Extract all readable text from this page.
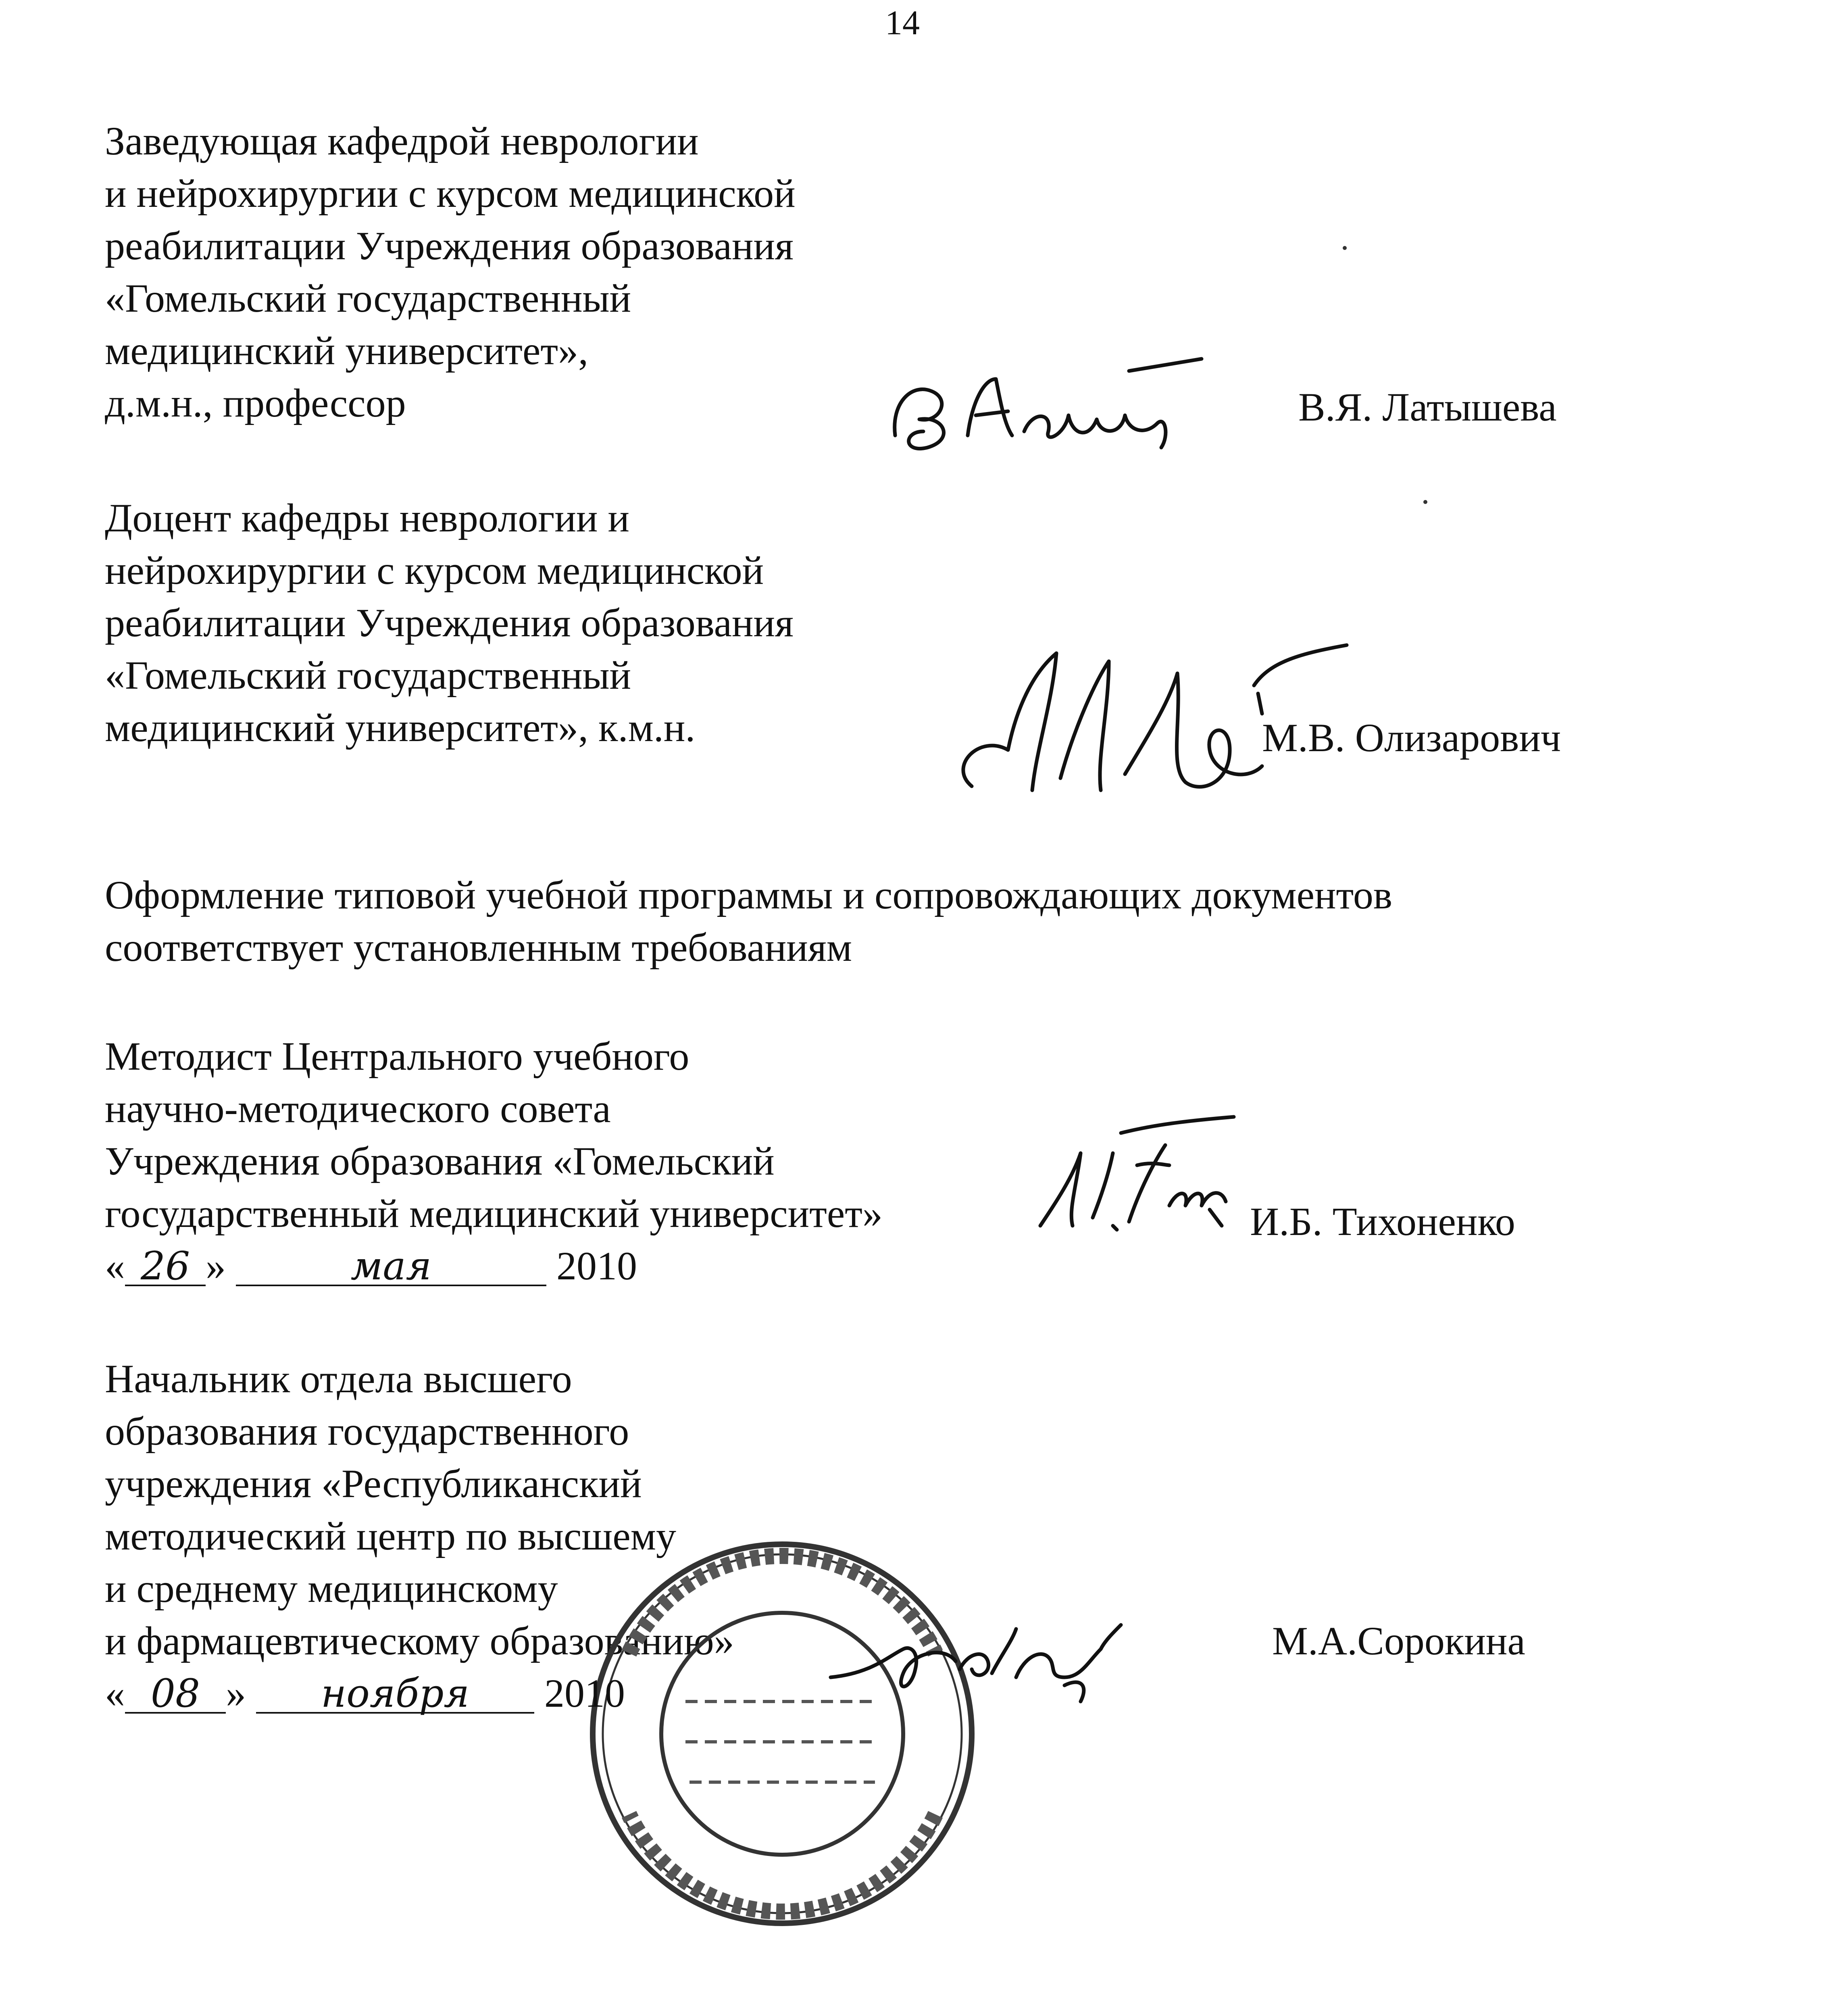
14
Заведующая кафедрой неврологии
и нейрохирургии с курсом медицинской
реабилитации Учреждения образования
«Гомельский государственный
медицинский университет»,
д.м.н., профессор	В.Я. Латышева
Доцент кафедры неврологии и
нейрохирургии с курсом медицинской
реабилитации Учреждения образования
«Гомельский государственный
медицинский университет», к.м.н.	М.В. Олизарович
Оформление типовой учебной программы и сопровождающих документов
соответствует установленным требованиям
Методист Центрального учебного
научно-методического совета
Учреждения образования «Гомельский
государственный медицинский университет»	И.Б. Тихоненко
« 26 »	мая	2010
Начальник отдела высшего
образования государственного
учреждения «Республиканский
методический центр по высшему
и среднему медицинскому
и фармацевтическому образованию»	М.А.Сорокина
« 08 » ноября 2010
